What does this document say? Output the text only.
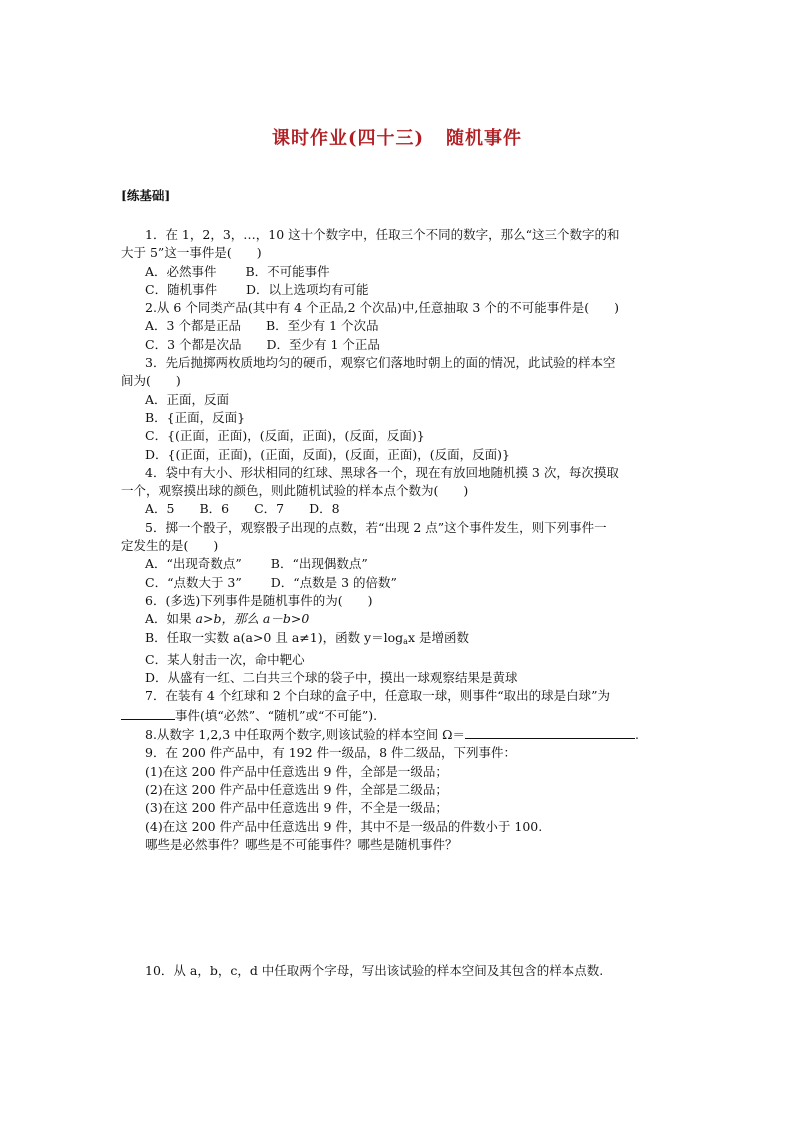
课时作业(四十三) 随机事件
[练基础]
1．在 1，2，3，…，10 这十个数字中，任取三个不同的数字，那么“这三个数字的和
大于 5”这一事件是(　　)
A．必然事件　　 B．不可能事件
C．随机事件　　 D．以上选项均有可能
2.从 6 个同类产品(其中有 4 个正品,2 个次品)中,任意抽取 3 个的不可能事件是(　　)
A．3 个都是正品　　B．至少有 1 个次品
C．3 个都是次品　　D．至少有 1 个正品
3．先后抛掷两枚质地均匀的硬币，观察它们落地时朝上的面的情况，此试验的样本空
间为(　　)
A．正面，反面
B．{正面，反面}
C．{(正面，正面)，(反面，正面)，(反面，反面)}
D．{(正面，正面)，(正面，反面)，(反面，正面)，(反面，反面)}
4．袋中有大小、形状相同的红球、黑球各一个，现在有放回地随机摸 3 次，每次摸取
一个，观察摸出球的颜色，则此随机试验的样本点个数为(　　)
A．5　　B．6　　C．7　　D．8
5．掷一个骰子，观察骰子出现的点数，若“出现 2 点”这个事件发生，则下列事件一
定发生的是(　　)
A．“出现奇数点”　　 B．“出现偶数点”
C．“点数大于 3”　　 D．“点数是 3 的倍数”
6．(多选)下列事件是随机事件的为(　　)
A．如果 a>b，那么 a－b>0
B．任取一实数 a(a>0 且 a≠1)，函数 $y=\log_ax$ 是增函数
C．某人射击一次，命中靶心
D．从盛有一红、二白共三个球的袋子中，摸出一球观察结果是黄球
7．在装有 4 个红球和 2 个白球的盒子中，任意取一球，则事件“取出的球是白球”为
事件(填“必然”、“随机”或“不可能”).
8.从数字 1,2,3 中任取两个数字,则该试验的样本空间 Ω＝	.
9．在 200 件产品中，有 192 件一级品，8 件二级品，下列事件：
(1)在这 200 件产品中任意选出 9 件，全部是一级品；
(2)在这 200 件产品中任意选出 9 件，全部是二级品；
(3)在这 200 件产品中任意选出 9 件，不全是一级品；
(4)在这 200 件产品中任意选出 9 件，其中不是一级品的件数小于 100.
哪些是必然事件？哪些是不可能事件？哪些是随机事件？
10．从 a，b，c，d 中任取两个字母，写出该试验的样本空间及其包含的样本点数.
